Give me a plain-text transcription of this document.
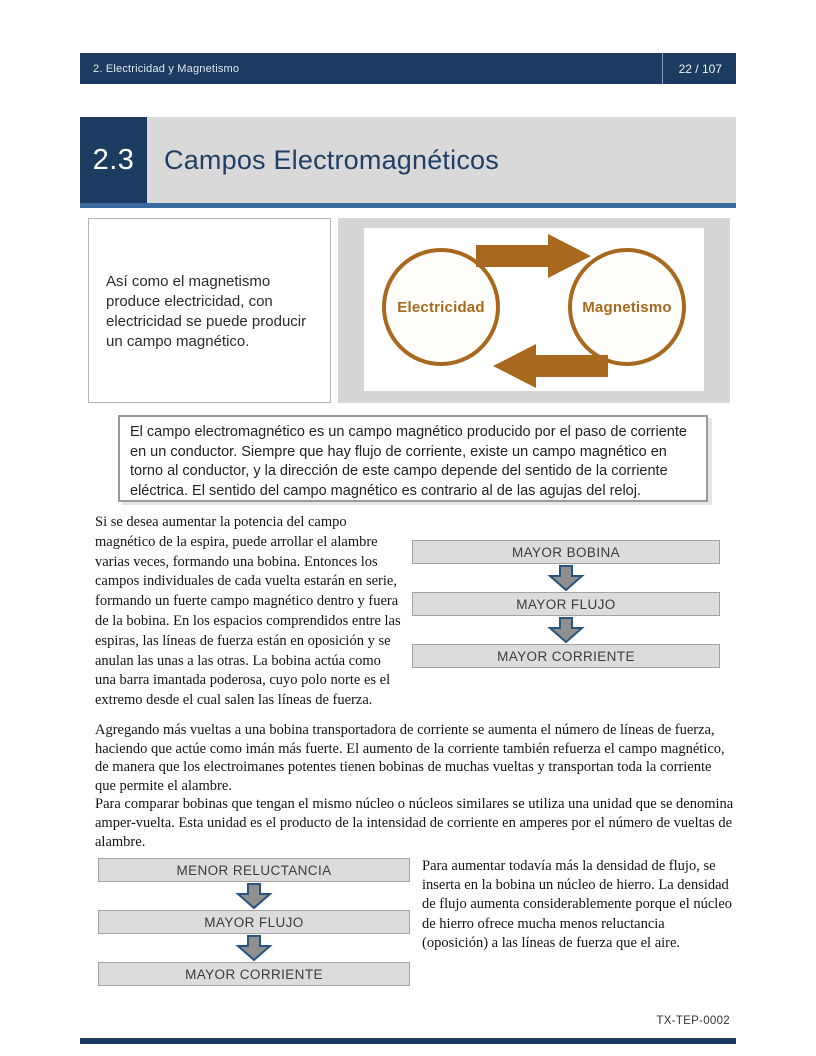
2. Electricidad y Magnetismo	22 / 107
2.3	Campos Electromagnéticos
Así como el magnetismo produce electricidad, con electricidad se puede producir un campo magnético.
Electricidad	Magnetismo
El campo electromagnético es un campo magnético producido por el paso de corriente en un conductor. Siempre que hay flujo de corriente, existe un campo magnético en torno al conductor, y la dirección de este campo depende del sentido de la corriente eléctrica. El sentido del campo magnético es contrario al de las agujas del reloj.
Si se desea aumentar la potencia del campo magnético de la espira, puede arrollar el alambre varias veces, formando una bobina. Entonces los campos individuales de cada vuelta estarán en serie, formando un fuerte campo magnético dentro y fuera de la bobina. En los espacios comprendidos entre las espiras, las líneas de fuerza están en oposición y se anulan las unas a las otras. La bobina actúa como una barra imantada poderosa, cuyo polo norte es el extremo desde el cual salen las líneas de fuerza.
MAYOR BOBINA
MAYOR FLUJO
MAYOR CORRIENTE
Agregando más vueltas a una bobina transportadora de corriente se aumenta el número de líneas de fuerza, haciendo que actúe como imán más fuerte. El aumento de la corriente también refuerza el campo magnético, de manera que los electroimanes potentes tienen bobinas de muchas vueltas y transportan toda la corriente que permite el alambre.
Para comparar bobinas que tengan el mismo núcleo o núcleos similares se utiliza una unidad que se denomina amper-vuelta. Esta unidad es el producto de la intensidad de corriente en amperes por el número de vueltas de alambre.
MENOR RELUCTANCIA
MAYOR FLUJO
MAYOR CORRIENTE
Para aumentar todavía más la densidad de flujo, se inserta en la bobina un núcleo de hierro. La densidad de flujo aumenta considerablemente porque el núcleo de hierro ofrece mucha menos reluctancia (oposición) a las líneas de fuerza que el aire.
TX-TEP-0002
